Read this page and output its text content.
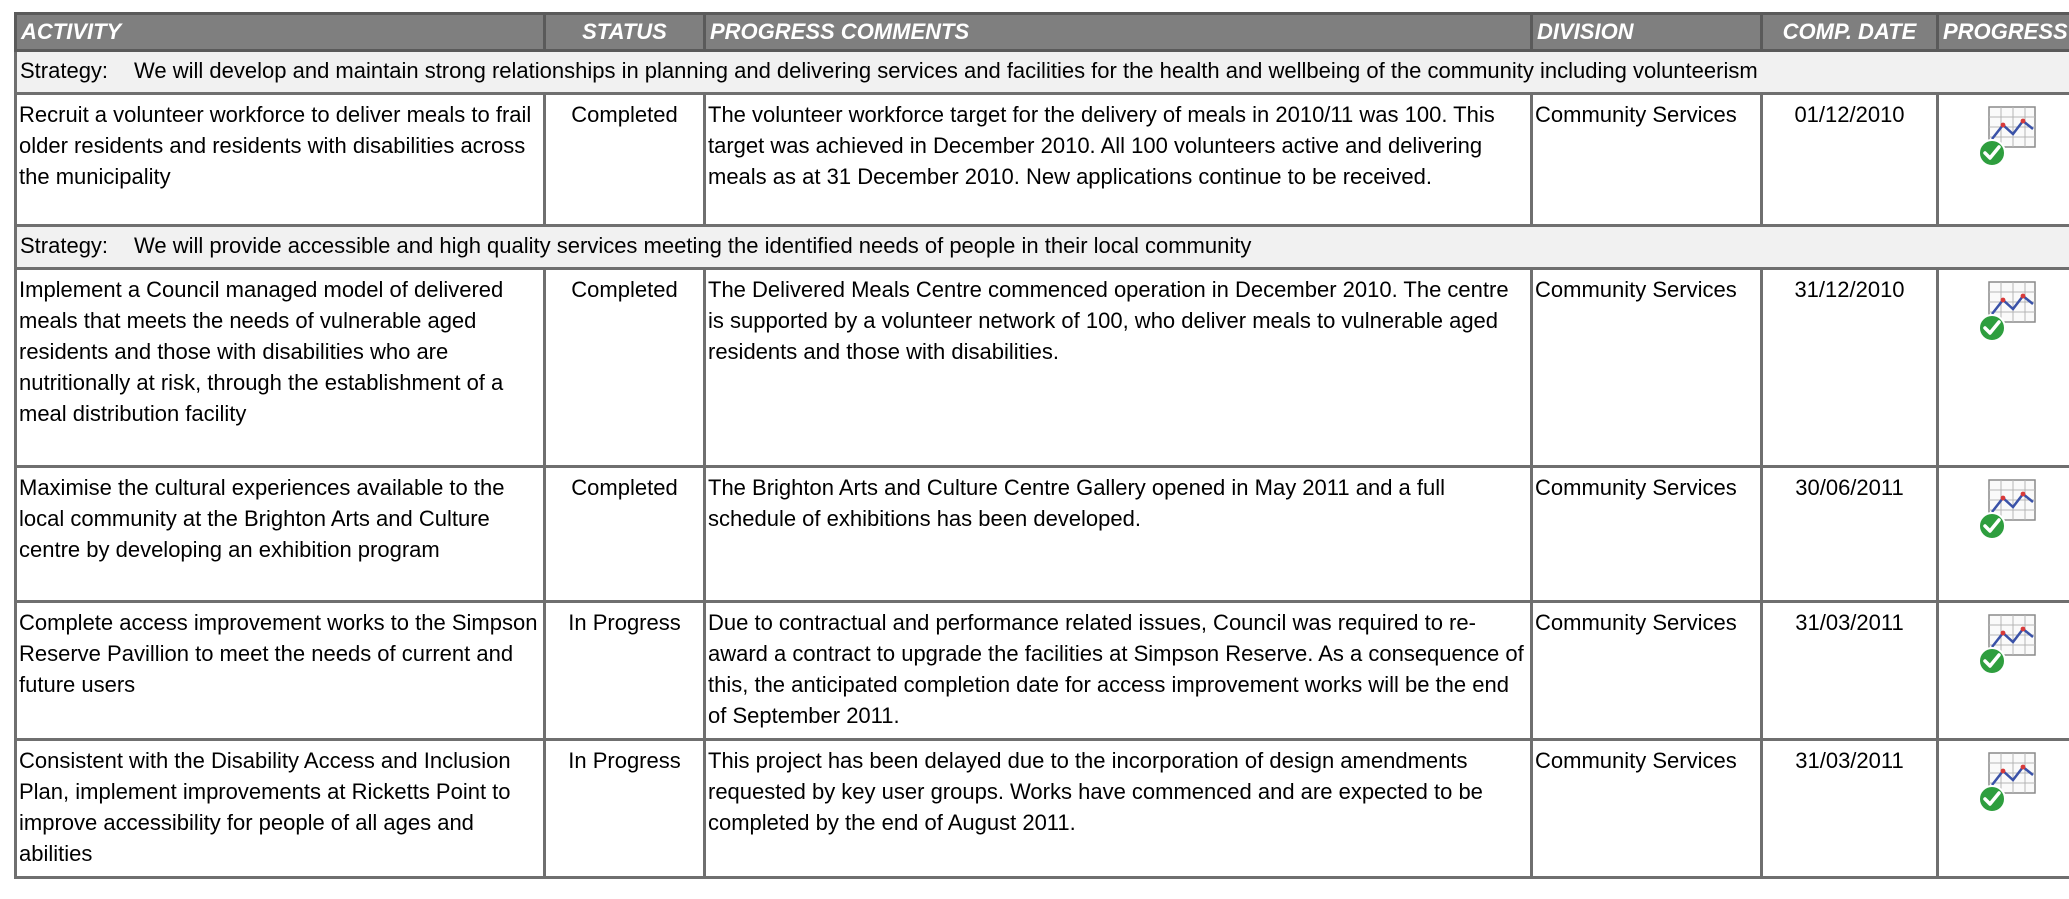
ACTIVITY	STATUS	PROGRESS COMMENTS	DIVISION	COMP. DATE	PROGRESS
Strategy: We will develop and maintain strong relationships in planning and delivering services and facilities for the health and wellbeing of the community including volunteerism					
Recruit a volunteer workforce to deliver meals to frail older residents and residents with disabilities across the municipality	Completed	The volunteer workforce target for the delivery of meals in 2010/11 was 100. This target was achieved in December 2010. All 100 volunteers active and delivering meals as at 31 December 2010. New applications continue to be received.	Community Services	01/12/2010	

Strategy: We will provide accessible and high quality services meeting the identified needs of people in their local community					
Implement a Council managed model of delivered meals that meets the needs of vulnerable aged residents and those with disabilities who are nutritionally at risk, through the establishment of a meal distribution facility	Completed	The Delivered Meals Centre commenced operation in December 2010. The centre is supported by a volunteer network of 100, who deliver meals to vulnerable aged residents and those with disabilities.	Community Services	31/12/2010	

Maximise the cultural experiences available to the local community at the Brighton Arts and Culture centre by developing an exhibition program	Completed	The Brighton Arts and Culture Centre Gallery opened in May 2011 and a full schedule of exhibitions has been developed.	Community Services	30/06/2011	

Complete access improvement works to the Simpson Reserve Pavillion to meet the needs of current and future users	In Progress	Due to contractual and performance related issues, Council was required to re-award a contract to upgrade the facilities at Simpson Reserve. As a consequence of this, the anticipated completion date for access improvement works will be the end of September 2011.	Community Services	31/03/2011	

Consistent with the Disability Access and Inclusion Plan, implement improvements at Ricketts Point to improve accessibility for people of all ages and abilities	In Progress	This project has been delayed due to the incorporation of design amendments requested by key user groups. Works have commenced and are expected to be completed by the end of August 2011.	Community Services	31/03/2011	
